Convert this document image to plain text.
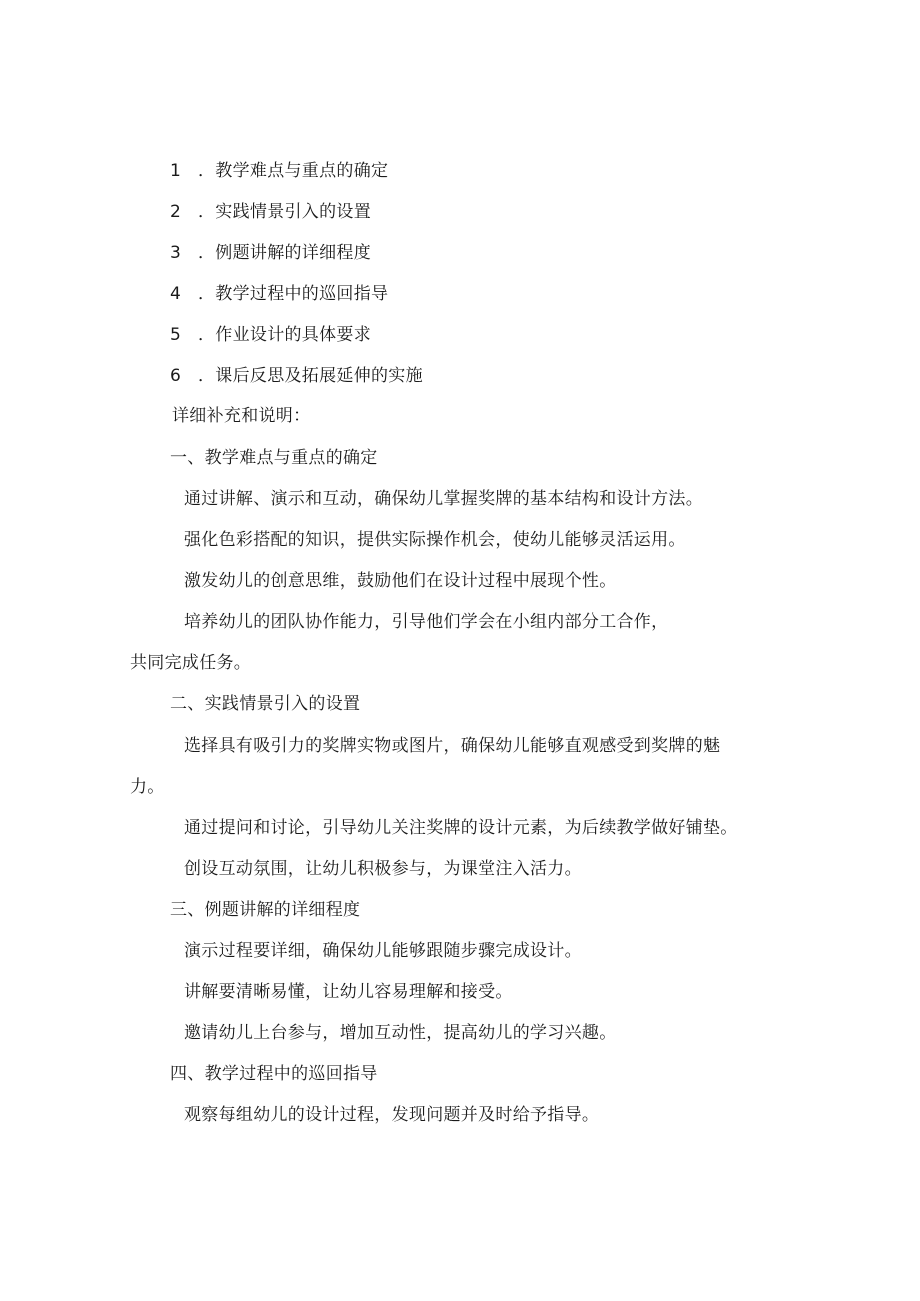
1 ．教学难点与重点的确定
2 ．实践情景引入的设置
3 ．例题讲解的详细程度
4 ．教学过程中的巡回指导
5 ．作业设计的具体要求
6 ．课后反思及拓展延伸的实施
详细补充和说明：
一、教学难点与重点的确定
通过讲解、演示和互动，确保幼儿掌握奖牌的基本结构和设计方法。
强化色彩搭配的知识，提供实际操作机会，使幼儿能够灵活运用。
激发幼儿的创意思维，鼓励他们在设计过程中展现个性。
培养幼儿的团队协作能力，引导他们学会在小组内部分工合作，
共同完成任务。
二、实践情景引入的设置
选择具有吸引力的奖牌实物或图片，确保幼儿能够直观感受到奖牌的魅
力。
通过提问和讨论，引导幼儿关注奖牌的设计元素，为后续教学做好铺垫。
创设互动氛围，让幼儿积极参与，为课堂注入活力。
三、例题讲解的详细程度
演示过程要详细，确保幼儿能够跟随步骤完成设计。
讲解要清晰易懂，让幼儿容易理解和接受。
邀请幼儿上台参与，增加互动性，提高幼儿的学习兴趣。
四、教学过程中的巡回指导
观察每组幼儿的设计过程，发现问题并及时给予指导。
